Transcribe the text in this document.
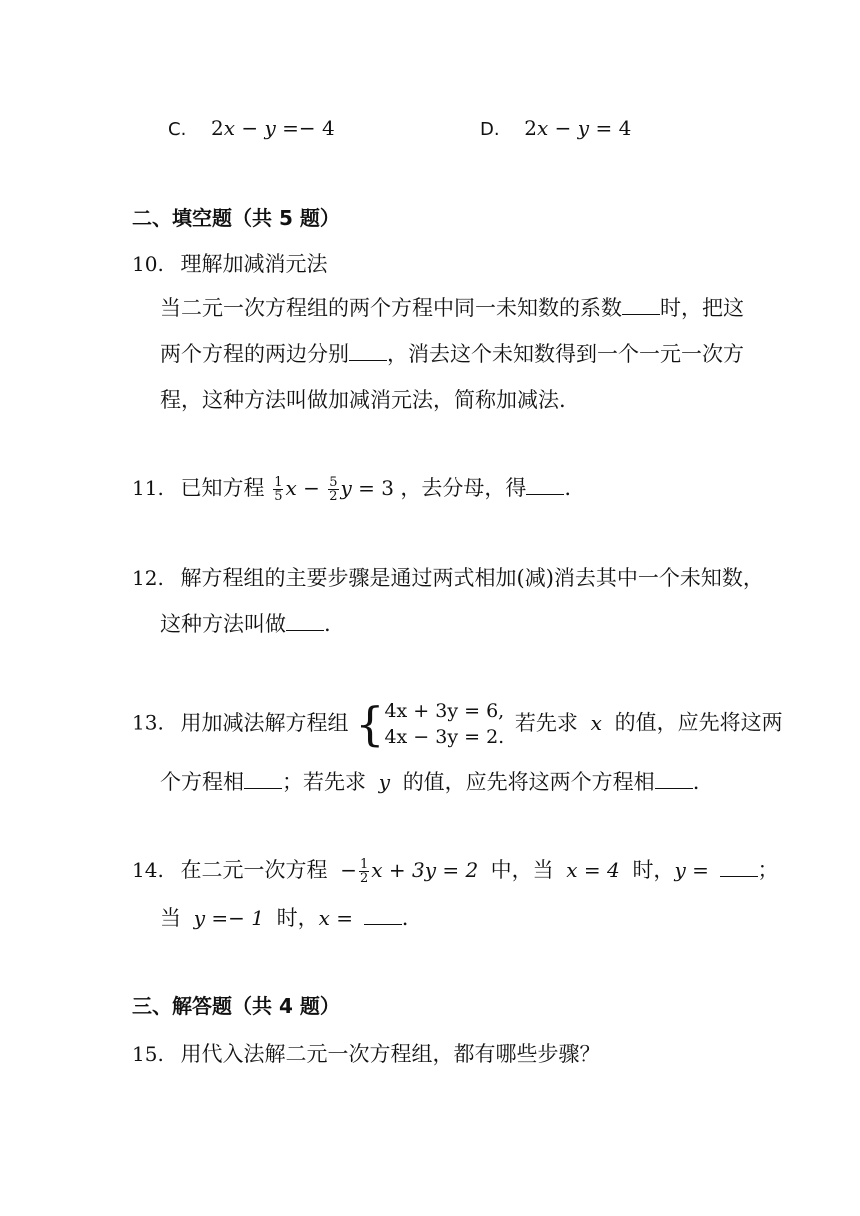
C. 2x − y =− 4	D. 2x − y = 4
二、填空题（共 5 题）
10. 理解加减消元法
当二元一次方程组的两个方程中同一未知数的系数 时，把这
两个方程的两边分别 ，消去这个未知数得到一个一元一次方
程，这种方法叫做加减消元法，简称加减法.
11. 已知方程 $\frac{1}{5}$ $x - \frac{5}{2}$ y = 3 ，去分母，得 .
12. 解方程组的主要步骤是通过两式相加(减)消去其中一个未知数，
这种方法叫做 .
13. 用加减法解方程组 { 4x + 3y = 6,
4x − 3y = 2.
若先求 x 的值，应先将这两
个方程相 ；若先求 y 的值，应先将这两个方程相 .
14. 在二元一次方程 − $\frac{1}{2}$ x + 3y = 2 中，当 x = 4 时，y = ；
当 y =− 1 时，x = .
三、解答题（共 4 题）
15. 用代入法解二元一次方程组，都有哪些步骤？
